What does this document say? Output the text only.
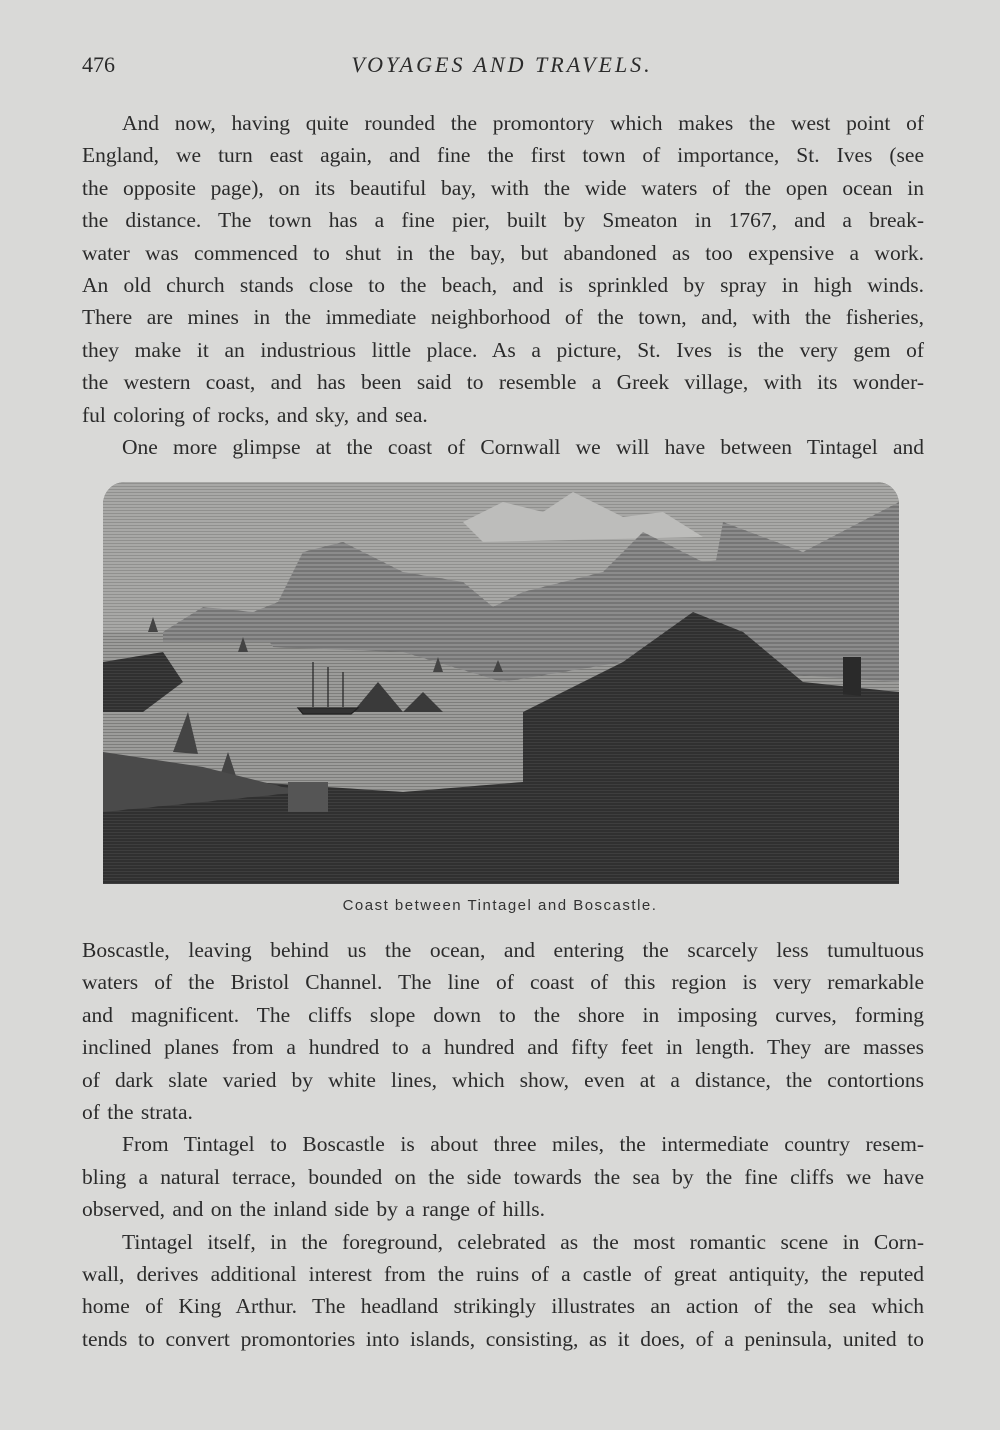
476	VOYAGES AND TRAVELS.
And now, having quite rounded the promontory which makes the west point of
England, we turn east again, and fine the first town of importance, St. Ives (see
the opposite page), on its beautiful bay, with the wide waters of the open ocean in
the distance. The town has a fine pier, built by Smeaton in 1767, and a break-
water was commenced to shut in the bay, but abandoned as too expensive a work.
An old church stands close to the beach, and is sprinkled by spray in high winds.
There are mines in the immediate neighborhood of the town, and, with the fisheries,
they make it an industrious little place. As a picture, St. Ives is the very gem of
the western coast, and has been said to resemble a Greek village, with its wonder-
ful coloring of rocks, and sky, and sea.
One more glimpse at the coast of Cornwall we will have between Tintagel and
Coast between Tintagel and Boscastle.
Boscastle, leaving behind us the ocean, and entering the scarcely less tumultuous
waters of the Bristol Channel. The line of coast of this region is very remarkable
and magnificent. The cliffs slope down to the shore in imposing curves, forming
inclined planes from a hundred to a hundred and fifty feet in length. They are masses
of dark slate varied by white lines, which show, even at a distance, the contortions
of the strata.
From Tintagel to Boscastle is about three miles, the intermediate country resem-
bling a natural terrace, bounded on the side towards the sea by the fine cliffs we have
observed, and on the inland side by a range of hills.
Tintagel itself, in the foreground, celebrated as the most romantic scene in Corn-
wall, derives additional interest from the ruins of a castle of great antiquity, the reputed
home of King Arthur. The headland strikingly illustrates an action of the sea which
tends to convert promontories into islands, consisting, as it does, of a peninsula, united to
